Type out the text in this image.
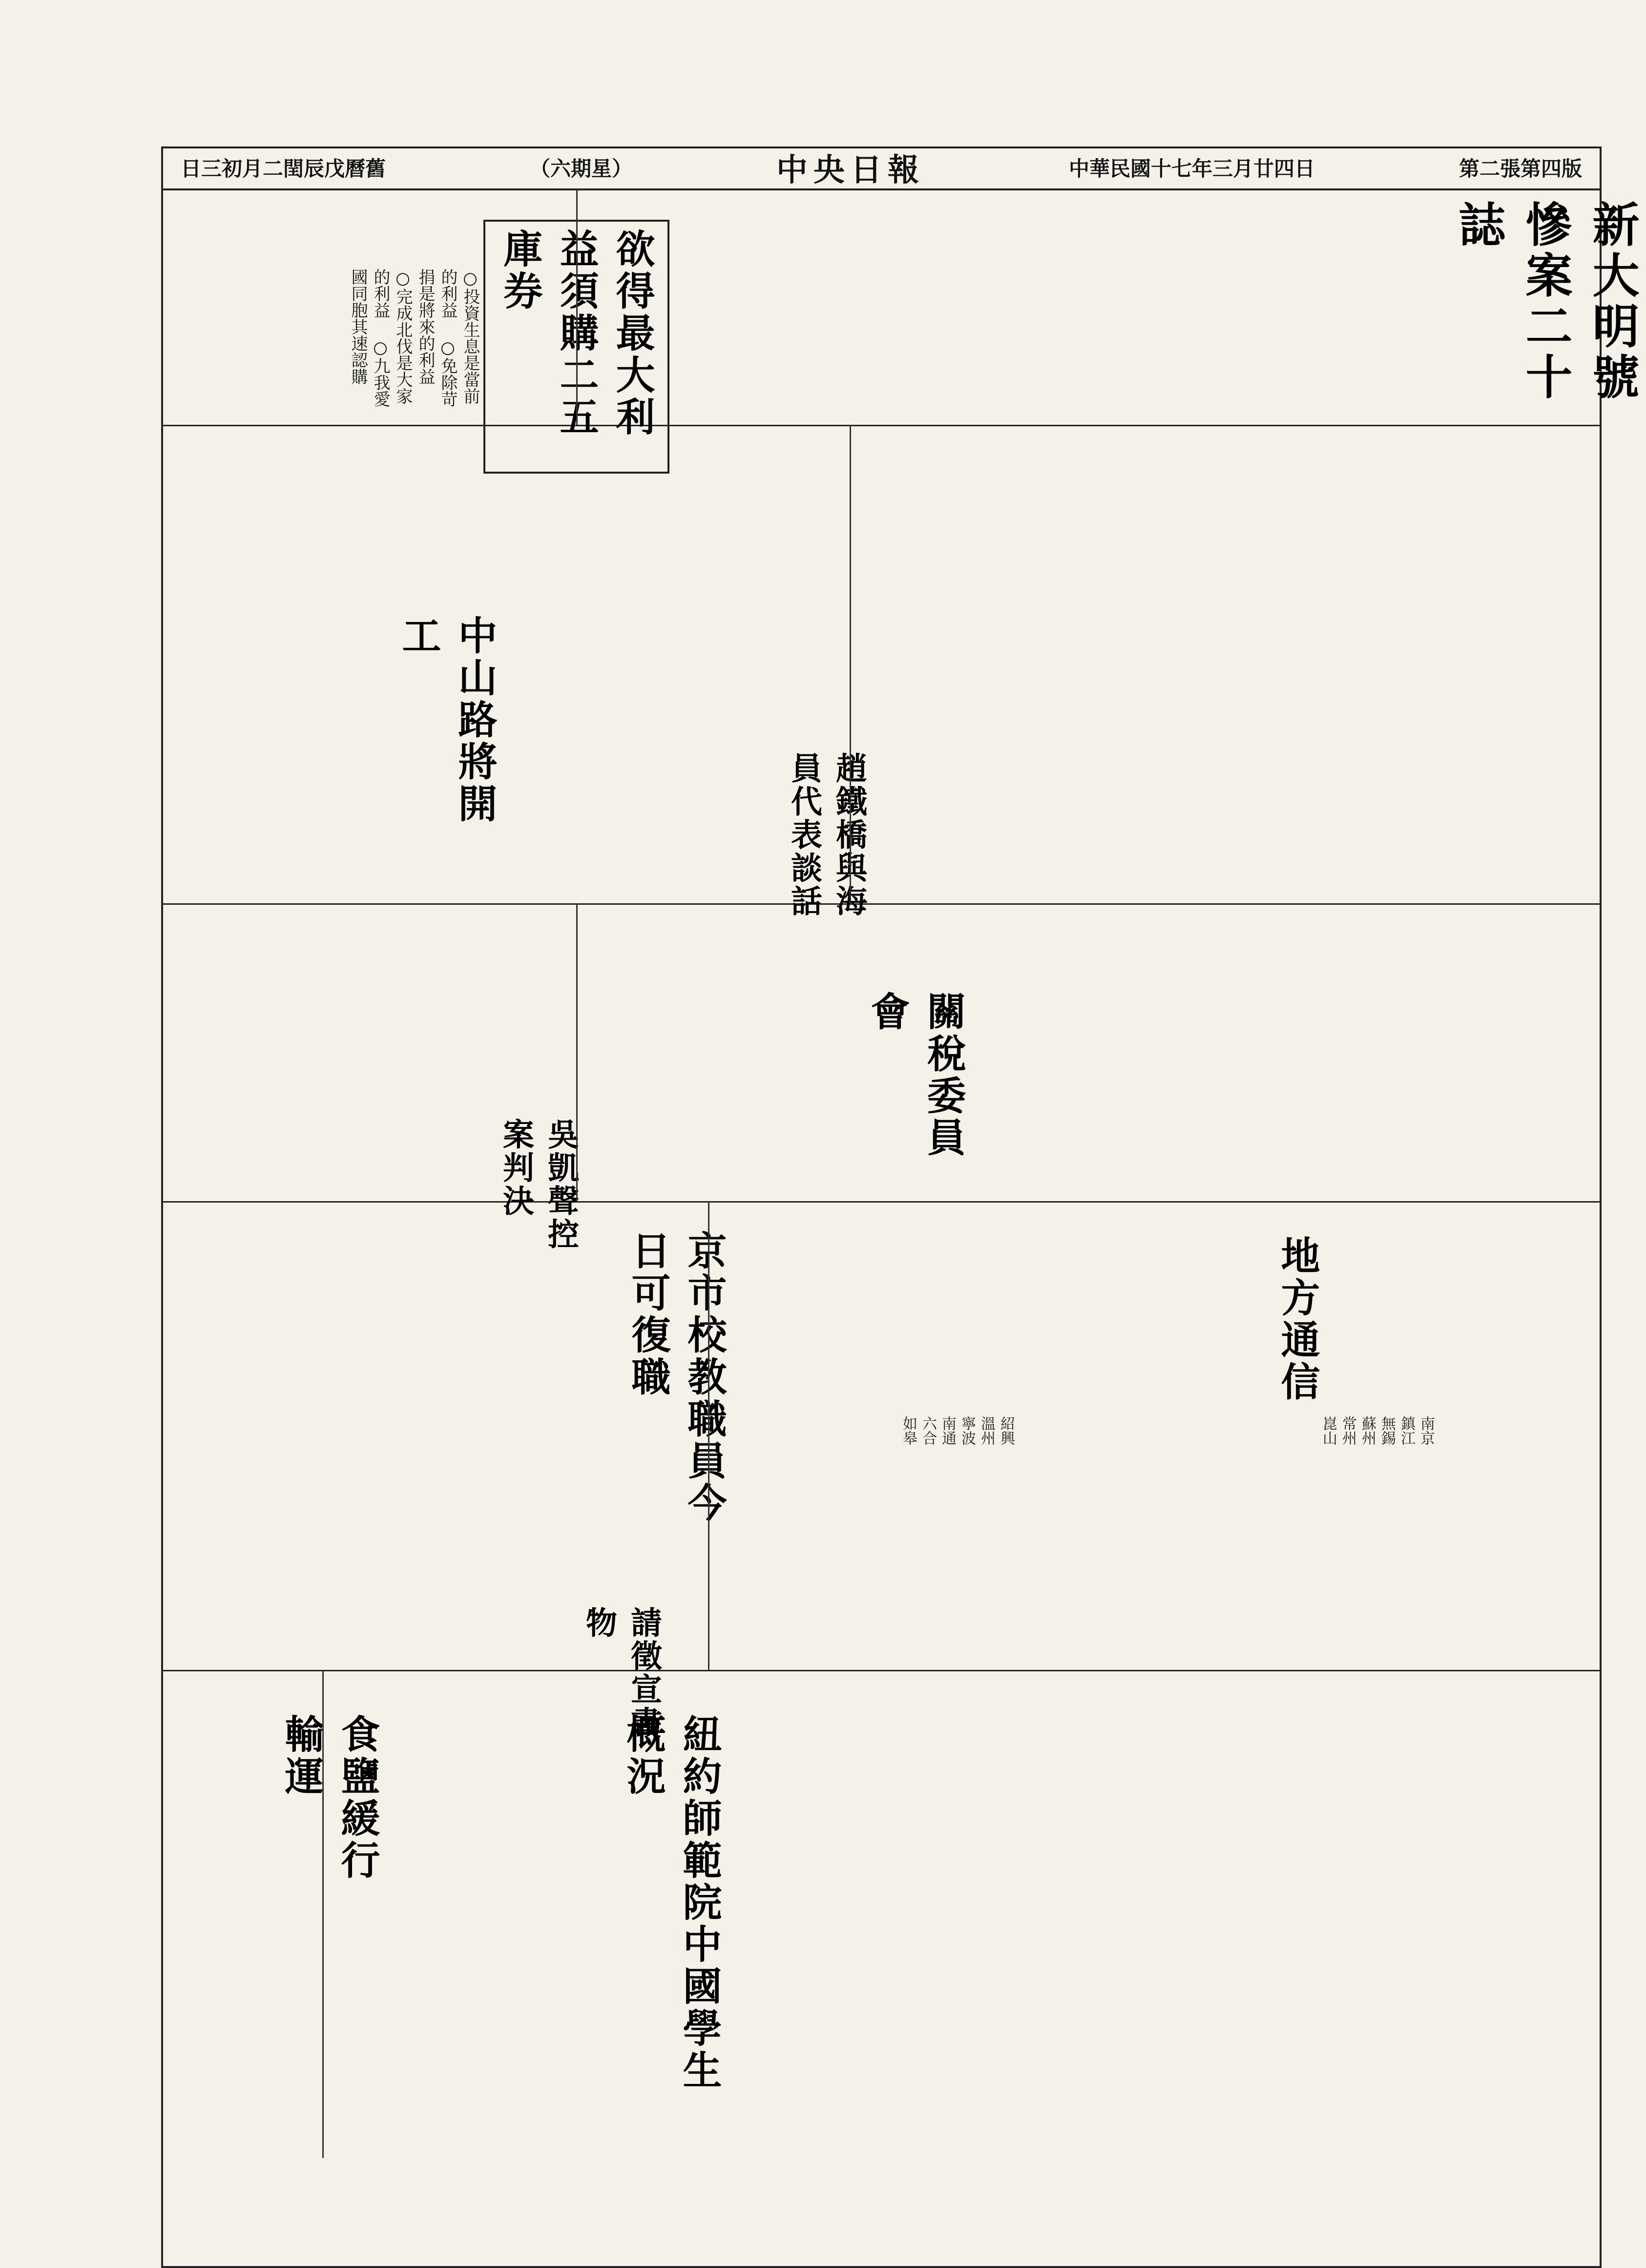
日三初月二閏辰戊曆舊	（六期星）	中央日報	中華民國十七年三月廿四日	第二張第四版
新大明號慘案二十誌
欲得最大利益須購二五庫券
○投資生息是當前的利益 ○免除苛捐是將來的利益 ○完成北伐是大家的利益 ○九我愛國同胞其速認購
中山路將開工
趙鐵橋與海員代表談話
關稅委員會
吳凱聲控案判決
地方通信
京市校教職員今日可復職
請徵宣書物
紐約師範院中國學生概況
食鹽緩行輸運
南京
鎮江
無錫
蘇州
常州
崑山
紹興
溫州
寧波
南通
六合
如皋
